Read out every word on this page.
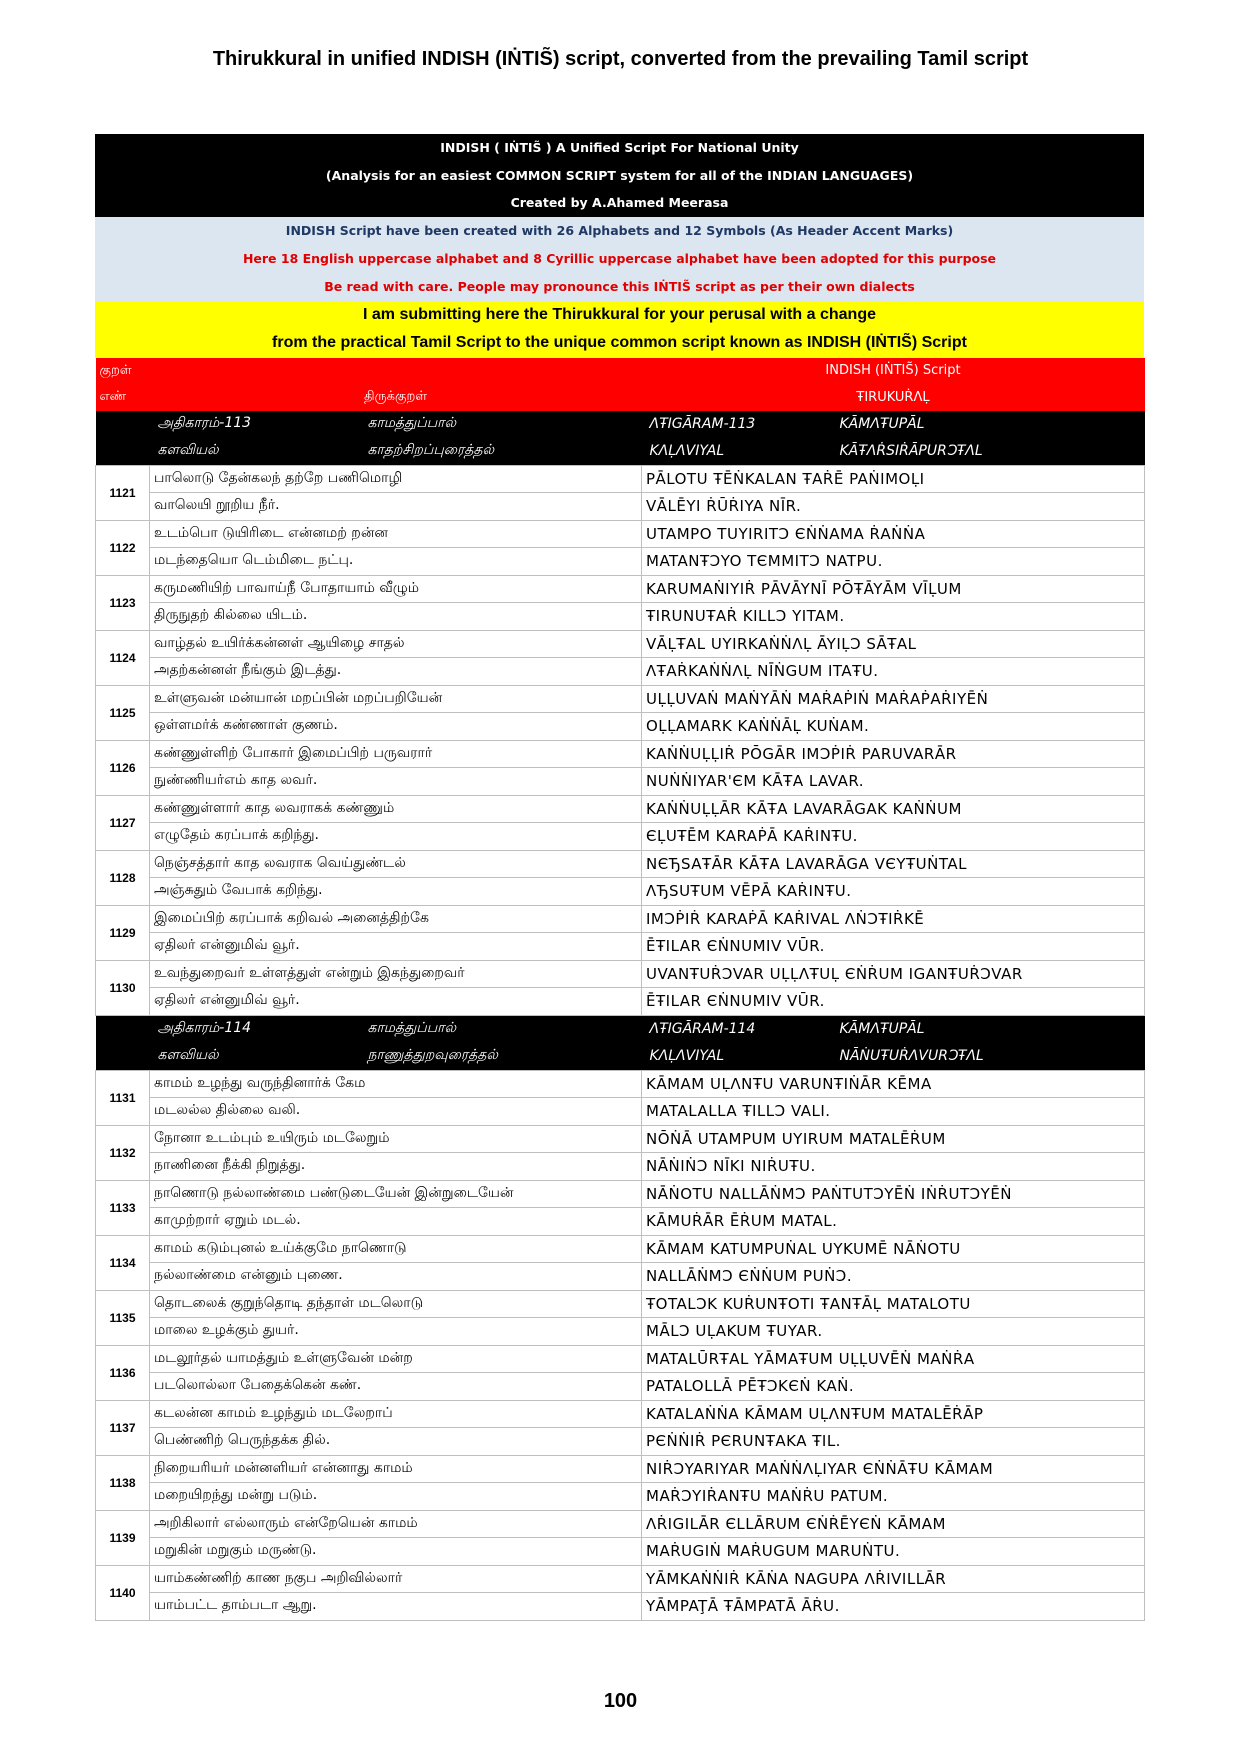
Thirukkural in unified INDISH (IṄTIS̃) script, converted from the prevailing Tamil script
INDISH ( IṄTIS̃ ) A Unified Script For National Unity
(Analysis for an easiest COMMON SCRIPT system for all of the INDIAN LANGUAGES)
Created by A.Ahamed Meerasa
INDISH Script have been created with 26 Alphabets and 12 Symbols (As Header Accent Marks)
Here 18 English uppercase alphabet and 8 Cyrillic uppercase alphabet have been adopted for this purpose
Be read with care. People may pronounce this IṄTIS̃ script as per their own dialects
I am submitting here the Thirukkural for your perusal with a change
from the practical Tamil Script to the unique common script known as INDISH (IṄTIS̃) Script
குறள்		INDISH (IṄTIS̃) Script
எண்	திருக்குறள்	ŦIRUKUṘΛḶ
	அதிகாரம்-113 காமத்துப்பால்	ΛŦIGĀRAM-113 KĀMΛŦUPĀL
	களவியல் காதற்சிறப்புரைத்தல்	KΛḶΛVIYAL KĀŦΛṘSIṘĀPURϽŦΛL
1121	பாலொடு தேன்கலந் தற்றே பணிமொழி	PĀLOTU ŦĒṄKALAN ŦAṘĒ PAṄIMOḶI
	வாலெயி றூறிய நீர்.	VĀLĒYI ṘŪṘIYA NĪR.
1122	உடம்பொ டுயிரிடை என்னமற் றன்ன	UTAMPO TUYIRITϽ ЄṄṄAMA ṘAṄṄA
	மடந்தையொ டெம்மிடை நட்பு.	MATANŦϽYO TЄMMITϽ NATPU.
1123	கருமணியிற் பாவாய்நீ போதாயாம் வீழும்	KARUMAṄIYIṘ PĀVĀYNĪ PŌŦĀYĀM VĪḶUM
	திருநுதற் கில்லை யிடம்.	ŦIRUNUŦAṘ KILLϽ YITAM.
1124	வாழ்தல் உயிர்க்கன்னள் ஆயிழை சாதல்	VĀḶŦAL UYIRKAṄṄΛḶ ĀYIḶϽ SĀŦAL
	அதற்கன்னள் நீங்கும் இடத்து.	ΛŦAṘKAṄṄΛḶ NĪṄGUM ITAŦU.
1125	உள்ளுவன் மன்யான் மறப்பின் மறப்பறியேன்	UḶḶUVAṄ MAṄYĀṄ MAṘAṖIṄ MAṘAṖAṘIYĒṄ
	ஒள்ளமர்க் கண்ணாள் குணம்.	OḶḶAMARK KAṄṄĀḶ KUṄAM.
1126	கண்ணுள்ளிற் போகார் இமைப்பிற் பருவரார்	KAṄṄUḶḶIṘ PŌGĀR IMϽṖIṘ PARUVARĀR
	நுண்ணியர்எம் காத லவர்.	NUṄṄIYAR'ЄM KĀŦA LAVAR.
1127	கண்ணுள்ளார் காத லவராகக் கண்ணும்	KAṄṄUḶḶĀR KĀŦA LAVARĀGAK KAṄṄUM
	எழுதேம் கரப்பாக் கறிந்து.	ЄḶUŦĒM KARAṖĀ KAṘINŦU.
1128	நெஞ்சத்தார் காத லவராக வெய்துண்டல்	NЄЂSAŦĀR KĀŦA LAVARĀGA VЄYŦUṄTAL
	அஞ்சுதும் வேபாக் கறிந்து.	ΛЂSUŦUM VĒPĀ KAṘINŦU.
1129	இமைப்பிற் கரப்பாக் கறிவல் அனைத்திற்கே	IMϽṖIṘ KARAṖĀ KAṘIVAL ΛṄϽŦIṘKĒ
	ஏதிலர் என்னுமிவ் வூர்.	ĒŦILAR ЄṄNUMIV VŪR.
1130	உவந்துறைவர் உள்ளத்துள் என்றும் இகந்துறைவர்	UVANŦUṘϽVAR UḶḶΛŦUḶ ЄṄṘUM IGANŦUṘϽVAR
	ஏதிலர் என்னுமிவ் வூர்.	ĒŦILAR ЄṄNUMIV VŪR.
	அதிகாரம்-114 காமத்துப்பால்	ΛŦIGĀRAM-114 KĀMΛŦUPĀL
	களவியல் நாணுத்துறவுரைத்தல்	KΛḶΛVIYAL NĀṄUŦUṘΛVURϽŦΛL
1131	காமம் உழந்து வருந்தினார்க் கேம	KĀMAM UḶΛNŦU VARUNŦIṄĀR KĒMA
	மடலல்ல தில்லை வலி.	MATALALLA ŦILLϽ VALI.
1132	நோனா உடம்பும் உயிரும் மடலேறும்	NŌṄĀ UTAMPUM UYIRUM MATALĒṘUM
	நாணினை நீக்கி நிறுத்து.	NĀṄIṄϽ NĪKI NIṘUŦU.
1133	நாணொடு நல்லாண்மை பண்டுடையேன் இன்றுடையேன்	NĀṄOTU NALLĀṄMϽ PAṄTUTϽYĒṄ IṄṘUTϽYĒṄ
	காமுற்றார் ஏறும் மடல்.	KĀMUṘĀR ĒṘUM MATAL.
1134	காமம் கடும்புனல் உய்க்குமே நாணொடு	KĀMAM KATUMPUṄAL UYKUMĒ NĀṄOTU
	நல்லாண்மை என்னும் புணை.	NALLĀṄMϽ ЄṄṄUM PUṄϽ.
1135	தொடலைக் குறுந்தொடி தந்தாள் மடலொடு	ŦOTALϽK KUṘUNŦOTI ŦANŦĀḶ MATALOTU
	மாலை உழக்கும் துயர்.	MĀLϽ UḶAKUM ŦUYAR.
1136	மடலூர்தல் யாமத்தும் உள்ளுவேன் மன்ற	MATALŪRŦAL YĀMAŦUM UḶḶUVĒṄ MAṄṘA
	படலொல்லா பேதைக்கென் கண்.	PATALOLLĀ PĒŦϽKЄṄ KAṄ.
1137	கடலன்ன காமம் உழந்தும் மடலேறாப்	KATALAṄṄA KĀMAM UḶΛNŦUM MATALĒṘĀP
	பெண்ணிற் பெருந்தக்க தில்.	PЄṄṄIṘ PЄRUNŦAKA ŦIL.
1138	நிறையரியர் மன்னளியர் என்னாது காமம்	NIṘϽYARIYAR MAṄṄΛḶIYAR ЄṄṄĀŦU KĀMAM
	மறையிறந்து மன்று படும்.	MAṘϽYIṘANŦU MAṄṘU PATUM.
1139	அறிகிலார் எல்லாரும் என்றேயென் காமம்	ΛṘIGILĀR ЄLLĀRUM ЄṄṘĒYЄṄ KĀMAM
	மறுகின் மறுகும் மருண்டு.	MAṘUGIṄ MAṘUGUM MARUṄTU.
1140	யாம்கண்ணிற் காண நகுப அறிவில்லார்	YĀMKAṄṄIṘ KĀṄA NAGUPA ΛṘIVILLĀR
	யாம்பட்ட தாம்படா ஆறு.	YĀMPAŢĀ ŦĀMPATĀ ĀṘU.
100
